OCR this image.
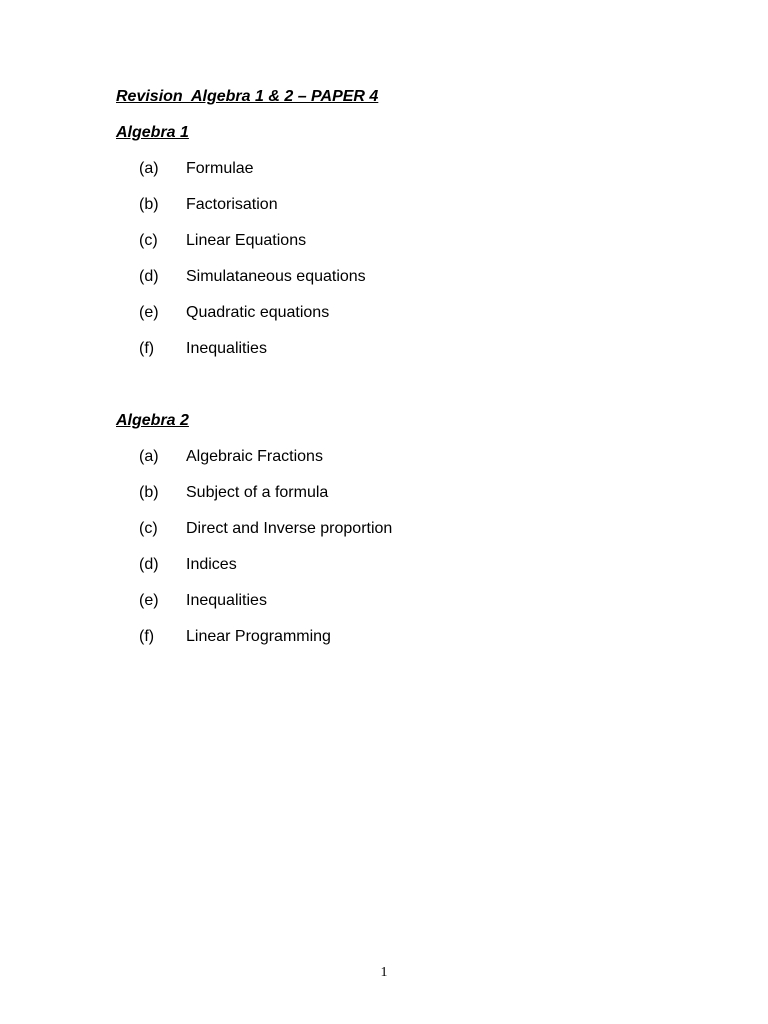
Revision  Algebra 1 & 2 – PAPER 4
Algebra 1
(a) Formulae
(b) Factorisation
(c) Linear Equations
(d) Simulataneous equations
(e) Quadratic equations
(f) Inequalities
Algebra 2
(a) Algebraic Fractions
(b) Subject of a formula
(c) Direct and Inverse proportion
(d) Indices
(e) Inequalities
(f) Linear Programming
1
